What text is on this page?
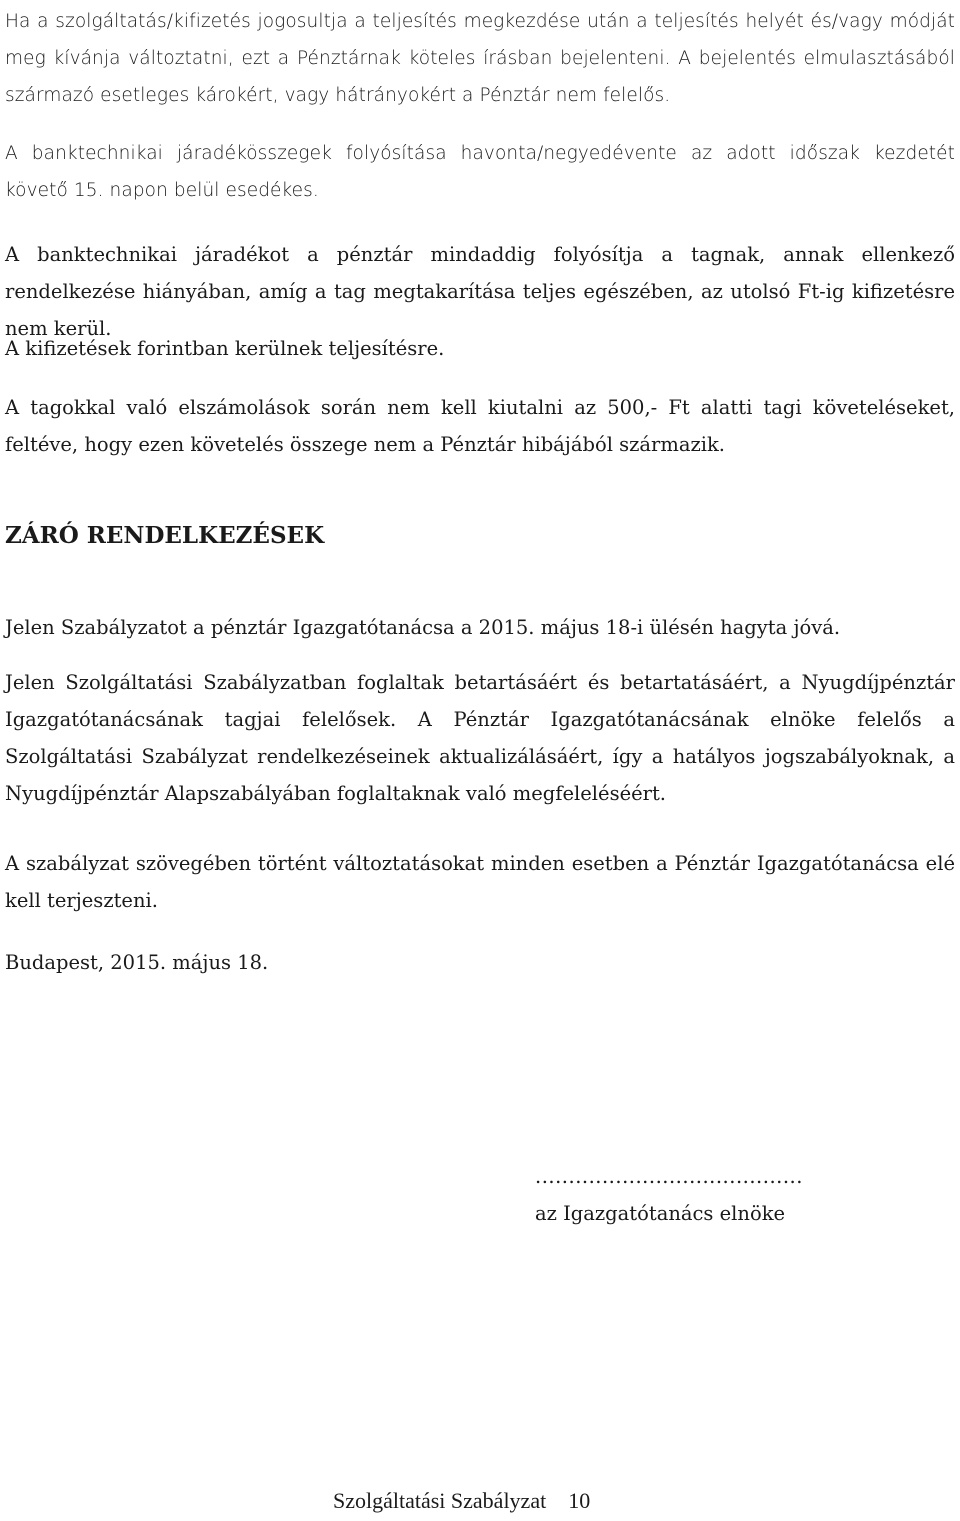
Ha a szolgáltatás/kifizetés jogosultja a teljesítés megkezdése után a teljesítés helyét és/vagy módját meg kívánja változtatni, ezt a Pénztárnak köteles írásban bejelenteni. A bejelentés elmulasztásából származó esetleges károkért, vagy hátrányokért a Pénztár nem felelős.

A banktechnikai járadékösszegek folyósítása havonta/negyedévente az adott időszak kezdetét követő 15. napon belül esedékes.

A banktechnikai járadékot a pénztár mindaddig folyósítja a tagnak, annak ellenkező rendelkezése hiányában, amíg a tag megtakarítása teljes egészében, az utolsó Ft-ig kifizetésre nem kerül.

A kifizetések forintban kerülnek teljesítésre.

A tagokkal való elszámolások során nem kell kiutalni az 500,- Ft alatti tagi követeléseket, feltéve, hogy ezen követelés összege nem a Pénztár hibájából származik.

ZÁRÓ RENDELKEZÉSEK

Jelen Szabályzatot a pénztár Igazgatótanácsa a 2015. május 18-i ülésén hagyta jóvá.

Jelen Szolgáltatási Szabályzatban foglaltak betartásáért és betartatásáért, a Nyugdíjpénztár Igazgatótanácsának tagjai felelősek. A Pénztár Igazgatótanácsának elnöke felelős a Szolgáltatási Szabályzat rendelkezéseinek aktualizálásáért, így a hatályos jogszabályoknak, a Nyugdíjpénztár Alapszabályában foglaltaknak való megfeleléséért.

A szabályzat szövegében történt változtatásokat minden esetben a Pénztár Igazgatótanácsa elé kell terjeszteni.

Budapest, 2015. május 18.

........................................
az Igazgatótanács elnöke
Szolgáltatási Szabályzat 10
